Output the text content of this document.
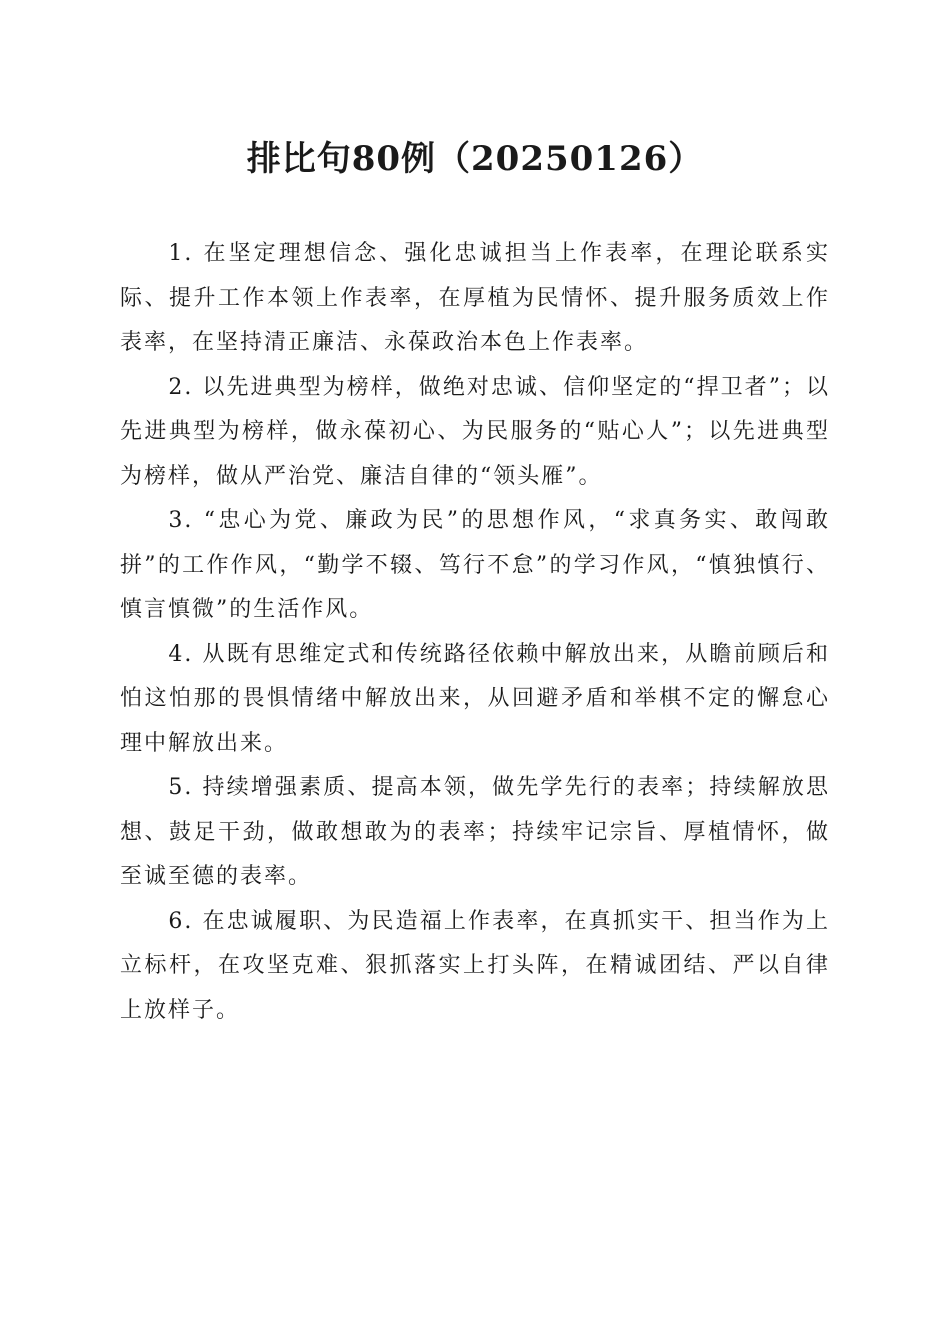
排比句80例（20250126）

1. 在坚定理想信念、强化忠诚担当上作表率，在理论联系实际、提升工作本领上作表率，在厚植为民情怀、提升服务质效上作表率，在坚持清正廉洁、永葆政治本色上作表率。

2. 以先进典型为榜样，做绝对忠诚、信仰坚定的“捍卫者”；以先进典型为榜样，做永葆初心、为民服务的“贴心人”；以先进典型为榜样，做从严治党、廉洁自律的“领头雁”。

3. “忠心为党、廉政为民”的思想作风，“求真务实、敢闯敢拼”的工作作风，“勤学不辍、笃行不怠”的学习作风，“慎独慎行、慎言慎微”的生活作风。

4. 从既有思维定式和传统路径依赖中解放出来，从瞻前顾后和怕这怕那的畏惧情绪中解放出来，从回避矛盾和举棋不定的懈怠心理中解放出来。

5. 持续增强素质、提高本领，做先学先行的表率；持续解放思想、鼓足干劲，做敢想敢为的表率；持续牢记宗旨、厚植情怀，做至诚至德的表率。

6. 在忠诚履职、为民造福上作表率，在真抓实干、担当作为上立标杆，在攻坚克难、狠抓落实上打头阵，在精诚团结、严以自律上放样子。
